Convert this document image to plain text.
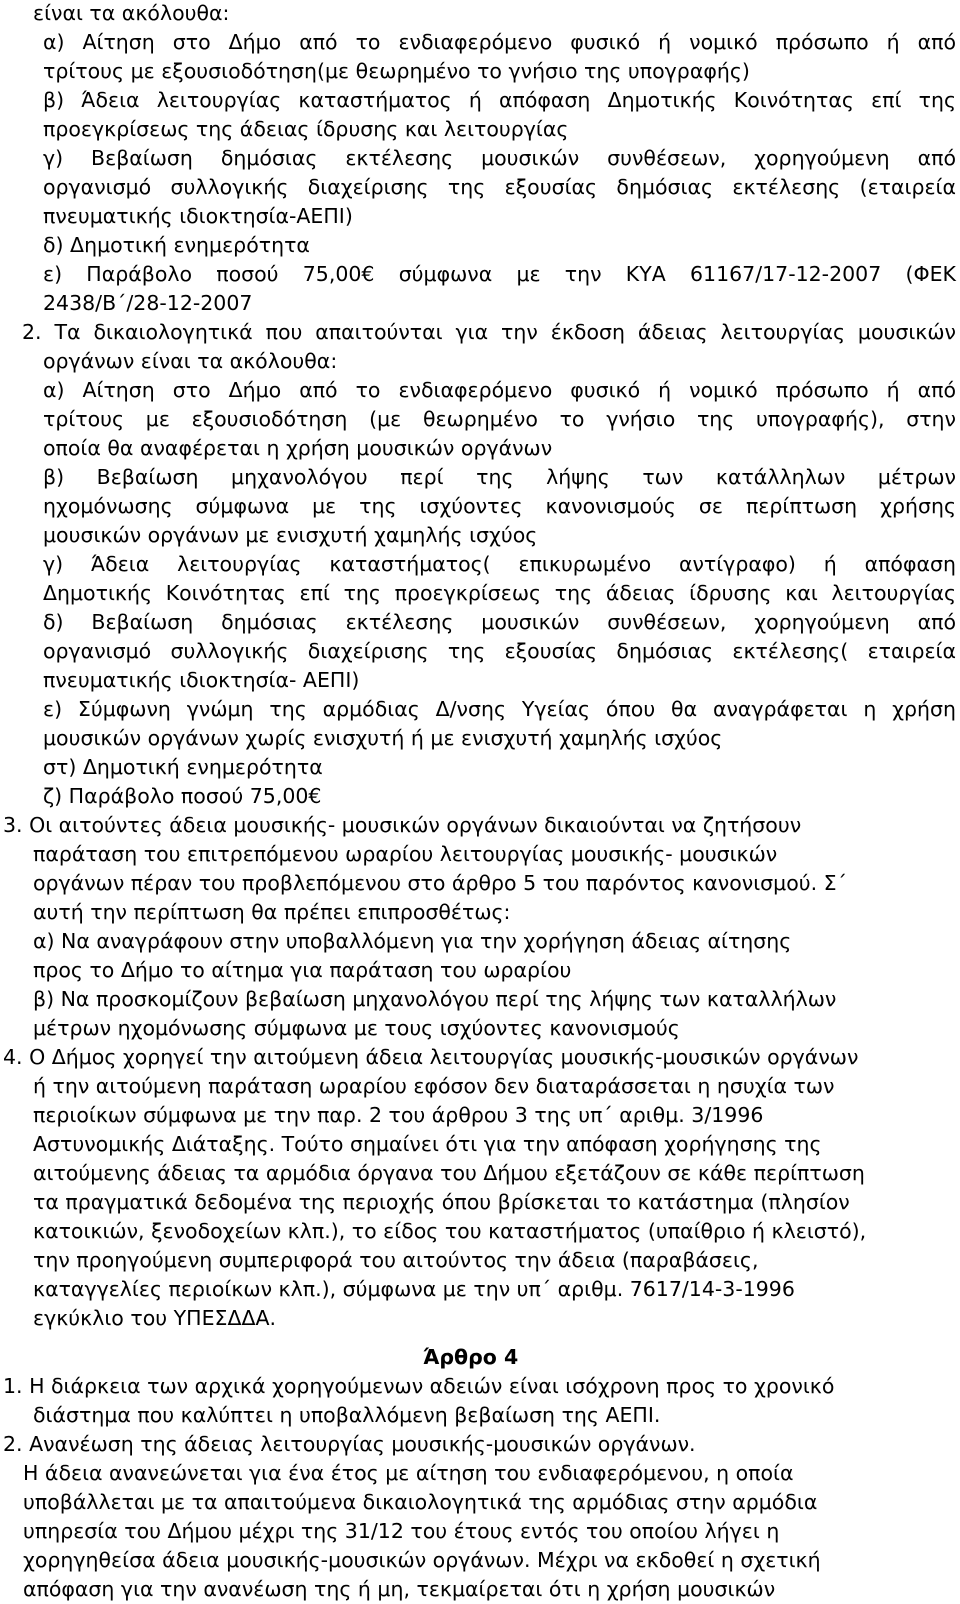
είναι τα ακόλουθα:
α) Αίτηση στο Δήμο από το ενδιαφερόμενο φυσικό ή νομικό πρόσωπο ή από
τρίτους με εξουσιοδότηση(με θεωρημένο το γνήσιο της υπογραφής)
β) Άδεια λειτουργίας καταστήματος ή απόφαση Δημοτικής Κοινότητας επί της
προεγκρίσεως της άδειας ίδρυσης και λειτουργίας
γ) Βεβαίωση δημόσιας εκτέλεσης μουσικών συνθέσεων, χορηγούμενη από
οργανισμό συλλογικής διαχείρισης της εξουσίας δημόσιας εκτέλεσης (εταιρεία
πνευματικής ιδιοκτησία-ΑΕΠΙ)
δ) Δημοτική ενημερότητα
ε) Παράβολο ποσού 75,00€ σύμφωνα με την ΚΥΑ 61167/17-12-2007 (ΦΕΚ
2438/Β΄/28-12-2007
2. Τα δικαιολογητικά που απαιτούνται για την έκδοση άδειας λειτουργίας μουσικών
οργάνων είναι τα ακόλουθα:
α) Αίτηση στο Δήμο από το ενδιαφερόμενο φυσικό ή νομικό πρόσωπο ή από
τρίτους με εξουσιοδότηση (με θεωρημένο το γνήσιο της υπογραφής), στην
οποία θα αναφέρεται η χρήση μουσικών οργάνων
β) Βεβαίωση μηχανολόγου περί της λήψης των κατάλληλων μέτρων
ηχομόνωσης σύμφωνα με της ισχύοντες κανονισμούς σε περίπτωση χρήσης
μουσικών οργάνων με ενισχυτή χαμηλής ισχύος
γ) Άδεια λειτουργίας καταστήματος( επικυρωμένο αντίγραφο) ή απόφαση
Δημοτικής Κοινότητας επί της προεγκρίσεως της άδειας ίδρυσης και λειτουργίας
δ) Βεβαίωση δημόσιας εκτέλεσης μουσικών συνθέσεων, χορηγούμενη από
οργανισμό συλλογικής διαχείρισης της εξουσίας δημόσιας εκτέλεσης( εταιρεία
πνευματικής ιδιοκτησία- ΑΕΠΙ)
ε) Σύμφωνη γνώμη της αρμόδιας Δ/νσης Υγείας όπου θα αναγράφεται η χρήση
μουσικών οργάνων χωρίς ενισχυτή ή με ενισχυτή χαμηλής ισχύος
στ) Δημοτική ενημερότητα
ζ) Παράβολο ποσού 75,00€
3. Οι αιτούντες άδεια μουσικής- μουσικών οργάνων δικαιούνται να ζητήσουν
παράταση του επιτρεπόμενου ωραρίου λειτουργίας μουσικής- μουσικών
οργάνων πέραν του προβλεπόμενου στο άρθρο 5 του παρόντος κανονισμού. Σ΄
αυτή την περίπτωση θα πρέπει επιπροσθέτως:
α) Να αναγράφουν στην υποβαλλόμενη για την χορήγηση άδειας αίτησης
προς το Δήμο το αίτημα για παράταση του ωραρίου
β) Να προσκομίζουν βεβαίωση μηχανολόγου περί της λήψης των καταλλήλων
μέτρων ηχομόνωσης σύμφωνα με τους ισχύοντες κανονισμούς
4. Ο Δήμος χορηγεί την αιτούμενη άδεια λειτουργίας μουσικής-μουσικών οργάνων
ή την αιτούμενη παράταση ωραρίου εφόσον δεν διαταράσσεται η ησυχία των
περιοίκων σύμφωνα με την παρ. 2 του άρθρου 3 της υπ΄ αριθμ. 3/1996
Αστυνομικής Διάταξης. Τούτο σημαίνει ότι για την απόφαση χορήγησης της
αιτούμενης άδειας τα αρμόδια όργανα του Δήμου εξετάζουν σε κάθε περίπτωση
τα πραγματικά δεδομένα της περιοχής όπου βρίσκεται το κατάστημα (πλησίον
κατοικιών, ξενοδοχείων κλπ.), το είδος του καταστήματος (υπαίθριο ή κλειστό),
την προηγούμενη συμπεριφορά του αιτούντος την άδεια (παραβάσεις,
καταγγελίες περιοίκων κλπ.), σύμφωνα με την υπ΄ αριθμ. 7617/14-3-1996
εγκύκλιο του ΥΠΕΣΔΔΑ.
Άρθρο 4
1. Η διάρκεια των αρχικά χορηγούμενων αδειών είναι ισόχρονη προς το χρονικό
διάστημα που καλύπτει η υποβαλλόμενη βεβαίωση της ΑΕΠΙ.
2. Ανανέωση της άδειας λειτουργίας μουσικής-μουσικών οργάνων.
Η άδεια ανανεώνεται για ένα έτος με αίτηση του ενδιαφερόμενου, η οποία
υποβάλλεται με τα απαιτούμενα δικαιολογητικά της αρμόδιας στην αρμόδια
υπηρεσία του Δήμου μέχρι της 31/12 του έτους εντός του οποίου λήγει η
χορηγηθείσα άδεια μουσικής-μουσικών οργάνων. Μέχρι να εκδοθεί η σχετική
απόφαση για την ανανέωση της ή μη, τεκμαίρεται ότι η χρήση μουσικών
